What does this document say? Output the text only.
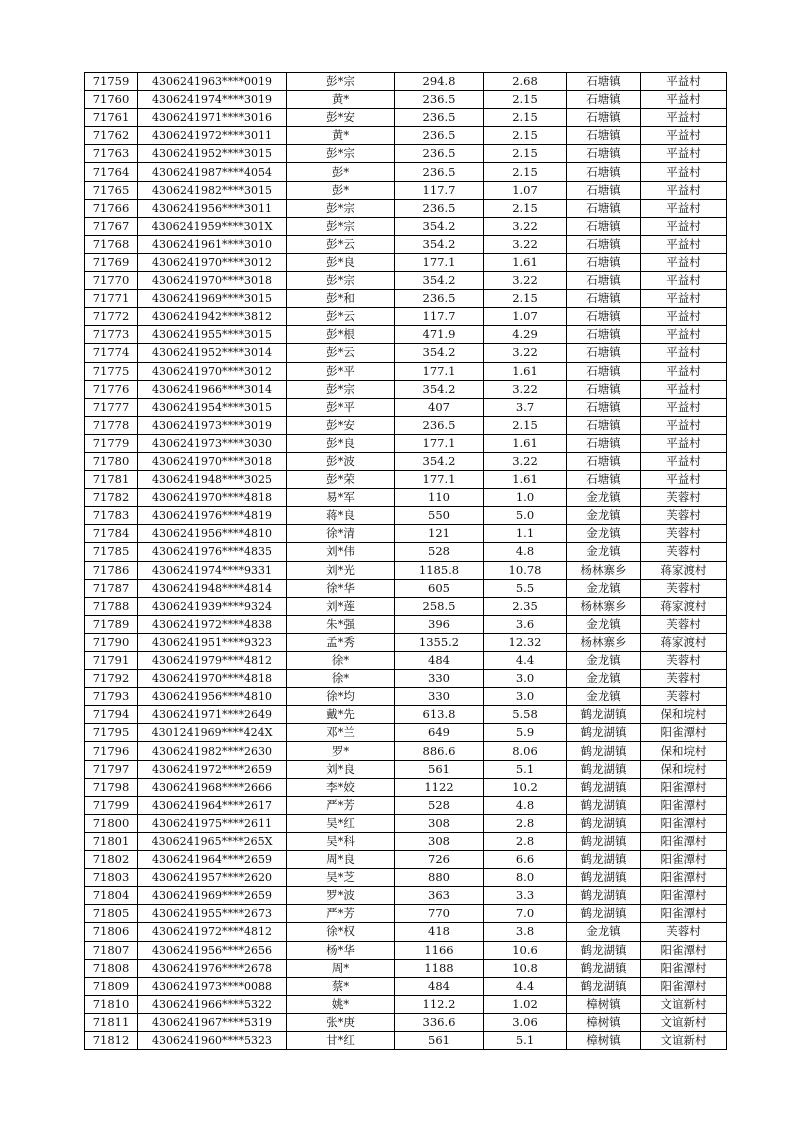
71759	4306241963****0019	彭*宗	294.8	2.68	石塘镇	平益村
71760	4306241974****3019	黄*	236.5	2.15	石塘镇	平益村
71761	4306241971****3016	彭*安	236.5	2.15	石塘镇	平益村
71762	4306241972****3011	黄*	236.5	2.15	石塘镇	平益村
71763	4306241952****3015	彭*宗	236.5	2.15	石塘镇	平益村
71764	4306241987****4054	彭*	236.5	2.15	石塘镇	平益村
71765	4306241982****3015	彭*	117.7	1.07	石塘镇	平益村
71766	4306241956****3011	彭*宗	236.5	2.15	石塘镇	平益村
71767	4306241959****301X	彭*宗	354.2	3.22	石塘镇	平益村
71768	4306241961****3010	彭*云	354.2	3.22	石塘镇	平益村
71769	4306241970****3012	彭*良	177.1	1.61	石塘镇	平益村
71770	4306241970****3018	彭*宗	354.2	3.22	石塘镇	平益村
71771	4306241969****3015	彭*和	236.5	2.15	石塘镇	平益村
71772	4306241942****3812	彭*云	117.7	1.07	石塘镇	平益村
71773	4306241955****3015	彭*根	471.9	4.29	石塘镇	平益村
71774	4306241952****3014	彭*云	354.2	3.22	石塘镇	平益村
71775	4306241970****3012	彭*平	177.1	1.61	石塘镇	平益村
71776	4306241966****3014	彭*宗	354.2	3.22	石塘镇	平益村
71777	4306241954****3015	彭*平	407	3.7	石塘镇	平益村
71778	4306241973****3019	彭*安	236.5	2.15	石塘镇	平益村
71779	4306241973****3030	彭*良	177.1	1.61	石塘镇	平益村
71780	4306241970****3018	彭*波	354.2	3.22	石塘镇	平益村
71781	4306241948****3025	彭*荣	177.1	1.61	石塘镇	平益村
71782	4306241970****4818	易*军	110	1.0	金龙镇	芙蓉村
71783	4306241976****4819	蒋*良	550	5.0	金龙镇	芙蓉村
71784	4306241956****4810	徐*清	121	1.1	金龙镇	芙蓉村
71785	4306241976****4835	刘*伟	528	4.8	金龙镇	芙蓉村
71786	4306241974****9331	刘*光	1185.8	10.78	杨林寨乡	蒋家渡村
71787	4306241948****4814	徐*华	605	5.5	金龙镇	芙蓉村
71788	4306241939****9324	刘*莲	258.5	2.35	杨林寨乡	蒋家渡村
71789	4306241972****4838	朱*强	396	3.6	金龙镇	芙蓉村
71790	4306241951****9323	孟*秀	1355.2	12.32	杨林寨乡	蒋家渡村
71791	4306241979****4812	徐*	484	4.4	金龙镇	芙蓉村
71792	4306241970****4818	徐*	330	3.0	金龙镇	芙蓉村
71793	4306241956****4810	徐*均	330	3.0	金龙镇	芙蓉村
71794	4306241971****2649	戴*先	613.8	5.58	鹤龙湖镇	保和垸村
71795	4301241969****424X	邓*兰	649	5.9	鹤龙湖镇	阳雀潭村
71796	4306241982****2630	罗*	886.6	8.06	鹤龙湖镇	保和垸村
71797	4306241972****2659	刘*良	561	5.1	鹤龙湖镇	保和垸村
71798	4306241968****2666	李*姣	1122	10.2	鹤龙湖镇	阳雀潭村
71799	4306241964****2617	严*芳	528	4.8	鹤龙湖镇	阳雀潭村
71800	4306241975****2611	吴*红	308	2.8	鹤龙湖镇	阳雀潭村
71801	4306241965****265X	吴*科	308	2.8	鹤龙湖镇	阳雀潭村
71802	4306241964****2659	周*良	726	6.6	鹤龙湖镇	阳雀潭村
71803	4306241957****2620	吴*芝	880	8.0	鹤龙湖镇	阳雀潭村
71804	4306241969****2659	罗*波	363	3.3	鹤龙湖镇	阳雀潭村
71805	4306241955****2673	严*芳	770	7.0	鹤龙湖镇	阳雀潭村
71806	4306241972****4812	徐*权	418	3.8	金龙镇	芙蓉村
71807	4306241956****2656	杨*华	1166	10.6	鹤龙湖镇	阳雀潭村
71808	4306241976****2678	周*	1188	10.8	鹤龙湖镇	阳雀潭村
71809	4306241973****0088	蔡*	484	4.4	鹤龙湖镇	阳雀潭村
71810	4306241966****5322	姚*	112.2	1.02	樟树镇	文谊新村
71811	4306241967****5319	张*庚	336.6	3.06	樟树镇	文谊新村
71812	4306241960****5323	甘*红	561	5.1	樟树镇	文谊新村
